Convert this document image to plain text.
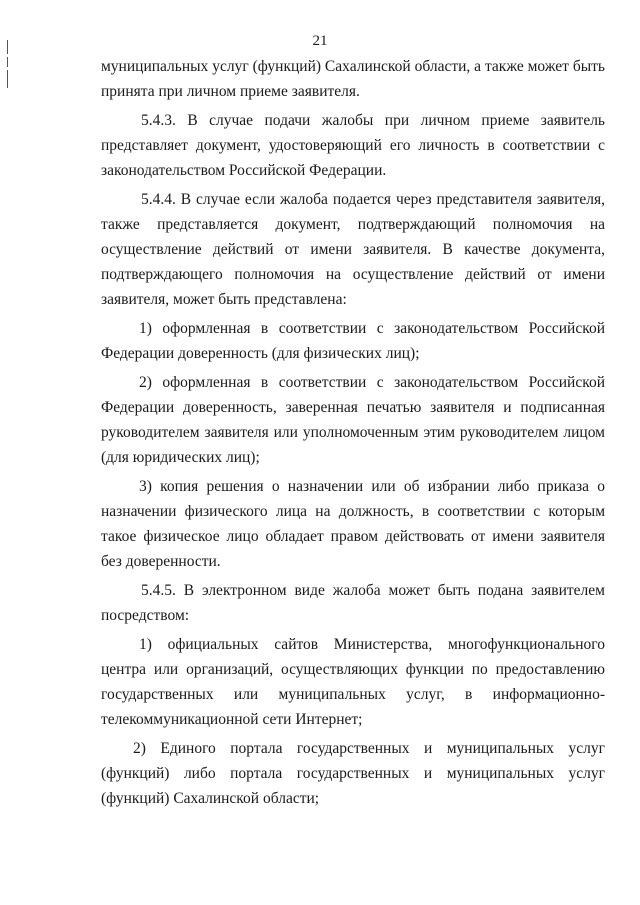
21

муниципальных услуг (функций) Сахалинской области, а также может быть принята при личном приеме заявителя.

5.4.3. В случае подачи жалобы при личном приеме заявитель представляет документ, удостоверяющий его личность в соответствии с законодательством Российской Федерации.

5.4.4. В случае если жалоба подается через представителя заявителя, также представляется документ, подтверждающий полномочия на осуществление действий от имени заявителя. В качестве документа, подтверждающего полномочия на осуществление действий от имени заявителя, может быть представлена:

1) оформленная в соответствии с законодательством Российской Федерации доверенность (для физических лиц);

2) оформленная в соответствии с законодательством Российской Федерации доверенность, заверенная печатью заявителя и подписанная руководителем заявителя или уполномоченным этим руководителем лицом (для юридических лиц);

3) копия решения о назначении или об избрании либо приказа о назначении физического лица на должность, в соответствии с которым такое физическое лицо обладает правом действовать от имени заявителя без доверенности.

5.4.5. В электронном виде жалоба может быть подана заявителем посредством:

1) официальных сайтов Министерства, многофункционального центра или организаций, осуществляющих функции по предоставлению государственных или муниципальных услуг, в информационно-телекоммуникационной сети Интернет;

2) Единого портала государственных и муниципальных услуг (функций) либо портала государственных и муниципальных услуг (функций) Сахалинской области;
